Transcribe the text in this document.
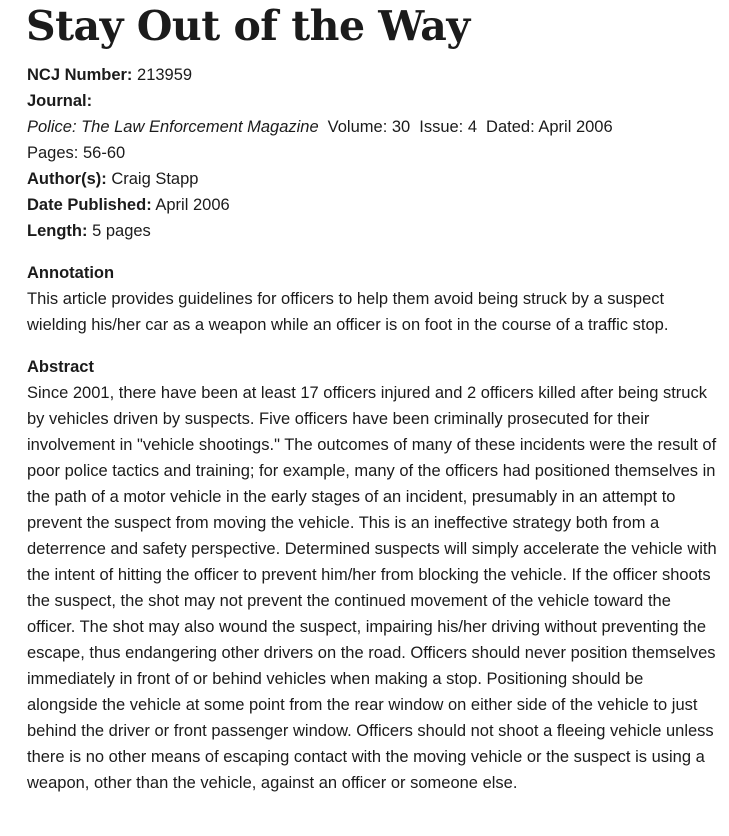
Stay Out of the Way
NCJ Number: 213959
Journal:
Police: The Law Enforcement Magazine Volume: 30 Issue: 4 Dated: April 2006
Pages: 56-60
Author(s): Craig Stapp
Date Published: April 2006
Length: 5 pages

Annotation

This article provides guidelines for officers to help them avoid being struck by a suspect wielding his/her car as a weapon while an officer is on foot in the course of a traffic stop.

Abstract

Since 2001, there have been at least 17 officers injured and 2 officers killed after being struck by vehicles driven by suspects. Five officers have been criminally prosecuted for their involvement in "vehicle shootings." The outcomes of many of these incidents were the result of poor police tactics and training; for example, many of the officers had positioned themselves in the path of a motor vehicle in the early stages of an incident, presumably in an attempt to prevent the suspect from moving the vehicle. This is an ineffective strategy both from a deterrence and safety perspective. Determined suspects will simply accelerate the vehicle with the intent of hitting the officer to prevent him/her from blocking the vehicle. If the officer shoots the suspect, the shot may not prevent the continued movement of the vehicle toward the officer. The shot may also wound the suspect, impairing his/her driving without preventing the escape, thus endangering other drivers on the road. Officers should never position themselves immediately in front of or behind vehicles when making a stop. Positioning should be alongside the vehicle at some point from the rear window on either side of the vehicle to just behind the driver or front passenger window. Officers should not shoot a fleeing vehicle unless there is no other means of escaping contact with the moving vehicle or the suspect is using a weapon, other than the vehicle, against an officer or someone else.
